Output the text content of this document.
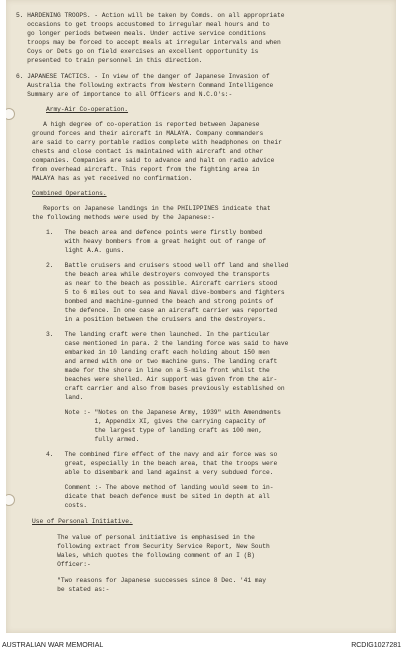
5. HARDENING TROOPS. - Action will be taken by Comds. on all appropriate

occasions to get troops accustomed to irregular meal hours and to

go longer periods between meals. Under active service conditions

troops may be forced to accept meals at irregular intervals and when

Coys or Dets go on field exercises an excellent opportunity is

presented to train personnel in this direction.

6. JAPANESE TACTICS. - In view of the danger of Japanese Invasion of

Australia the following extracts from Western Command Intelligence

Summary are of importance to all Officers and N.C.O's:-

Army-Air Co-operation.

A high degree of co-operation is reported between Japanese

ground forces and their aircraft in MALAYA. Company commanders

are said to carry portable radios complete with headphones on their

chests and close contact is maintained with aircraft and other

companies. Companies are said to advance and halt on radio advice

from overhead aircraft. This report from the fighting area in

MALAYA has as yet received no confirmation.

Combined Operations.

Reports on Japanese landings in the PHILIPPINES indicate that

the following methods were used by the Japanese:-

1.   The beach area and defence points were firstly bombed

with heavy bombers from a great height out of range of

light A.A. guns.

2.   Battle cruisers and cruisers stood well off land and shelled

the beach area while destroyers convoyed the transports

as near to the beach as possible. Aircraft carriers stood

5 to 6 miles out to sea and Naval dive-bombers and fighters

bombed and machine-gunned the beach and strong points of

the defence. In one case an aircraft carrier was reported

in a position between the cruisers and the destroyers.

3.   The landing craft were then launched. In the particular

case mentioned in para. 2 the landing force was said to have

embarked in 10 landing craft each holding about 150 men

and armed with one or two machine guns. The landing craft

made for the shore in line on a 5-mile front whilst the

beaches were shelled. Air support was given from the air-

craft carrier and also from bases previously established on

land.

Note :- "Notes on the Japanese Army, 1939" with Amendments

1, Appendix XI, gives the carrying capacity of

the largest type of landing craft as 100 men,

fully armed.

4.   The combined fire effect of the navy and air force was so

great, especially in the beach area, that the troops were

able to disembark and land against a very subdued force.

Comment :- The above method of landing would seem to in-

dicate that beach defence must be sited in depth at all

costs.

Use of Personal Initiative.

The value of personal initiative is emphasised in the

following extract from Security Service Report, New South

Wales, which quotes the following comment of an I (B)

Officer:-

"Two reasons for Japanese successes since 8 Dec. '41 may

be stated as:-

AUSTRALIAN WAR MEMORIAL	RCDIG1027281
